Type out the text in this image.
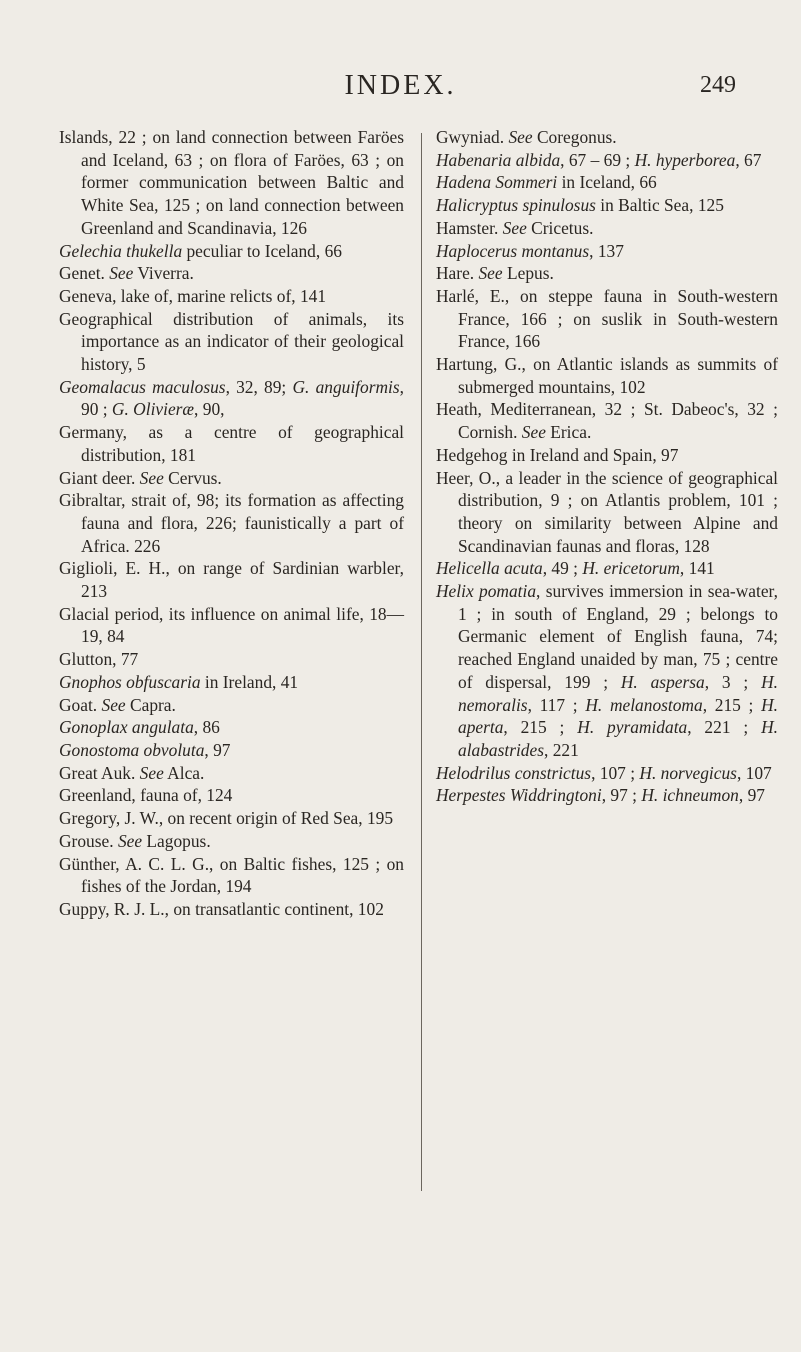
INDEX.	249

Islands, 22 ; on land connection between Faröes and Iceland, 63 ; on flora of Faröes, 63 ; on former communication between Baltic and White Sea, 125 ; on land connection between Greenland and Scandinavia, 126

Gelechia thukella peculiar to Iceland, 66

Genet. See Viverra.

Geneva, lake of, marine relicts of, 141

Geographical distribution of animals, its importance as an indicator of their geological history, 5

Geomalacus maculosus, 32, 89; G. anguiformis, 90 ; G. Olivieræ, 90,

Germany, as a centre of geographical distribution, 181

Giant deer. See Cervus.

Gibraltar, strait of, 98; its formation as affecting fauna and flora, 226; faunistically a part of Africa. 226

Giglioli, E. H., on range of Sardinian warbler, 213

Glacial period, its influence on animal life, 18—19, 84

Glutton, 77

Gnophos obfuscaria in Ireland, 41

Goat. See Capra.

Gonoplax angulata, 86

Gonostoma obvoluta, 97

Great Auk. See Alca.

Greenland, fauna of, 124

Gregory, J. W., on recent origin of Red Sea, 195

Grouse. See Lagopus.

Günther, A. C. L. G., on Baltic fishes, 125 ; on fishes of the Jordan, 194

Guppy, R. J. L., on transatlantic continent, 102

Gwyniad. See Coregonus.

Habenaria albida, 67 – 69 ; H. hyperborea, 67

Hadena Sommeri in Iceland, 66

Halicryptus spinulosus in Baltic Sea, 125

Hamster. See Cricetus.

Haplocerus montanus, 137

Hare. See Lepus.

Harlé, E., on steppe fauna in South-western France, 166 ; on suslik in South-western France, 166

Hartung, G., on Atlantic islands as summits of submerged mountains, 102

Heath, Mediterranean, 32 ; St. Dabeoc's, 32 ; Cornish. See Erica.

Hedgehog in Ireland and Spain, 97

Heer, O., a leader in the science of geographical distribution, 9 ; on Atlantis problem, 101 ; theory on similarity between Alpine and Scandinavian faunas and floras, 128

Helicella acuta, 49 ; H. ericetorum, 141

Helix pomatia, survives immersion in sea-water, 1 ; in south of England, 29 ; belongs to Germanic element of English fauna, 74; reached England unaided by man, 75 ; centre of dispersal, 199 ; H. aspersa, 3 ; H. nemoralis, 117 ; H. melanostoma, 215 ; H. aperta, 215 ; H. pyramidata, 221 ; H. alabastrides, 221

Helodrilus constrictus, 107 ; H. norvegicus, 107

Herpestes Widdringtoni, 97 ; H. ichneumon, 97
